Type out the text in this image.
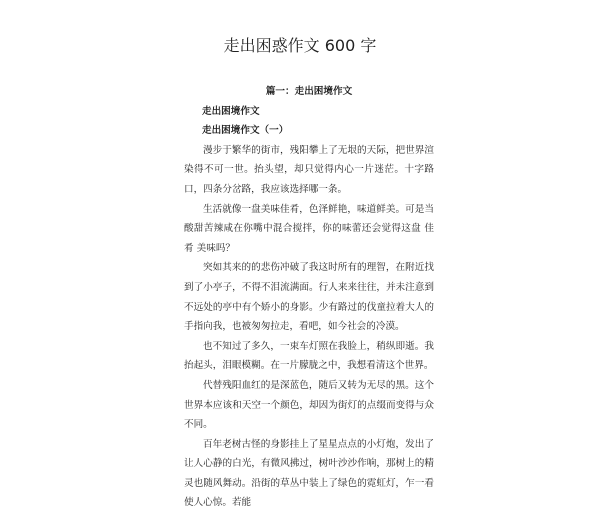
走出困惑作文 600 字

篇一：走出困境作文

走出困境作文

走出困境作文（一）

漫步于繁华的街市，残阳攀上了无垠的天际，把世界渲染得不可一世。抬头望，却只觉得内心一片迷茫。十字路口，四条分岔路，我应该选择哪一条。

生活就像一盘美味佳肴，色泽鲜艳，味道鲜美。可是当酸甜苦辣咸在你嘴中混合搅拌，你的味蕾还会觉得这盘 佳肴 美味吗？

突如其来的的悲伤冲破了我这时所有的理智，在附近找到了小亭子，不得不泪流满面。行人来来往往，并未注意到不远处的亭中有个娇小的身影。少有路过的伐童拉着大人的手指向我，也被匆匆拉走，看吧，如今社会的冷漠。

也不知过了多久，一束车灯照在我脸上，稍纵即逝。我抬起头，泪眼模糊。在一片朦胧之中，我想看清这个世界。

代替残阳血红的是深蓝色，随后又转为无尽的黑。这个世界本应该和天空一个颜色，却因为街灯的点缀而变得与众不同。

百年老树古怪的身影挂上了星星点点的小灯炮，发出了让人心静的白光，有微风拂过，树叶沙沙作响，那树上的精灵也随风舞动。沿街的草丛中装上了绿色的霓虹灯，乍一看使人心惊。若能
